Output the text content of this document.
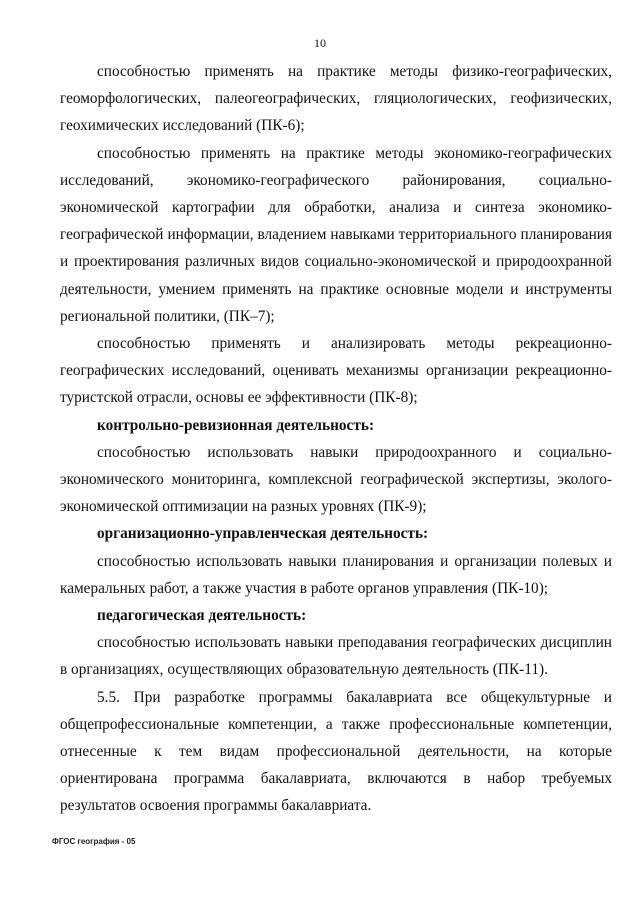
10

способностью применять на практике методы физико-географических, геоморфологических, палеогеографических, гляциологических, геофизических, геохимических исследований (ПК-6);

способностью применять на практике методы экономико-географических исследований, экономико-географического районирования, социально-экономической картографии для обработки, анализа и синтеза экономико-географической информации, владением навыками территориального планирования и проектирования различных видов социально-экономической и природоохранной деятельности, умением применять на практике основные модели и инструменты региональной политики, (ПК–7);

способностью применять и анализировать методы рекреационно-географических исследований, оценивать механизмы организации рекреационно-туристской отрасли, основы ее эффективности (ПК-8);

контрольно-ревизионная деятельность:

способностью использовать навыки природоохранного и социально-экономического мониторинга, комплексной географической экспертизы, эколого-экономической оптимизации на разных уровнях (ПК-9);

организационно-управленческая деятельность:

способностью использовать навыки планирования и организации полевых и камеральных работ, а также участия в работе органов управления (ПК-10);

педагогическая деятельность:

способностью использовать навыки преподавания географических дисциплин в организациях, осуществляющих образовательную деятельность (ПК-11).

5.5. При разработке программы бакалавриата все общекультурные и общепрофессиональные компетенции, а также профессиональные компетенции, отнесенные к тем видам профессиональной деятельности, на которые ориентирована программа бакалавриата, включаются в набор требуемых результатов освоения программы бакалавриата.

ФГОС география - 05
